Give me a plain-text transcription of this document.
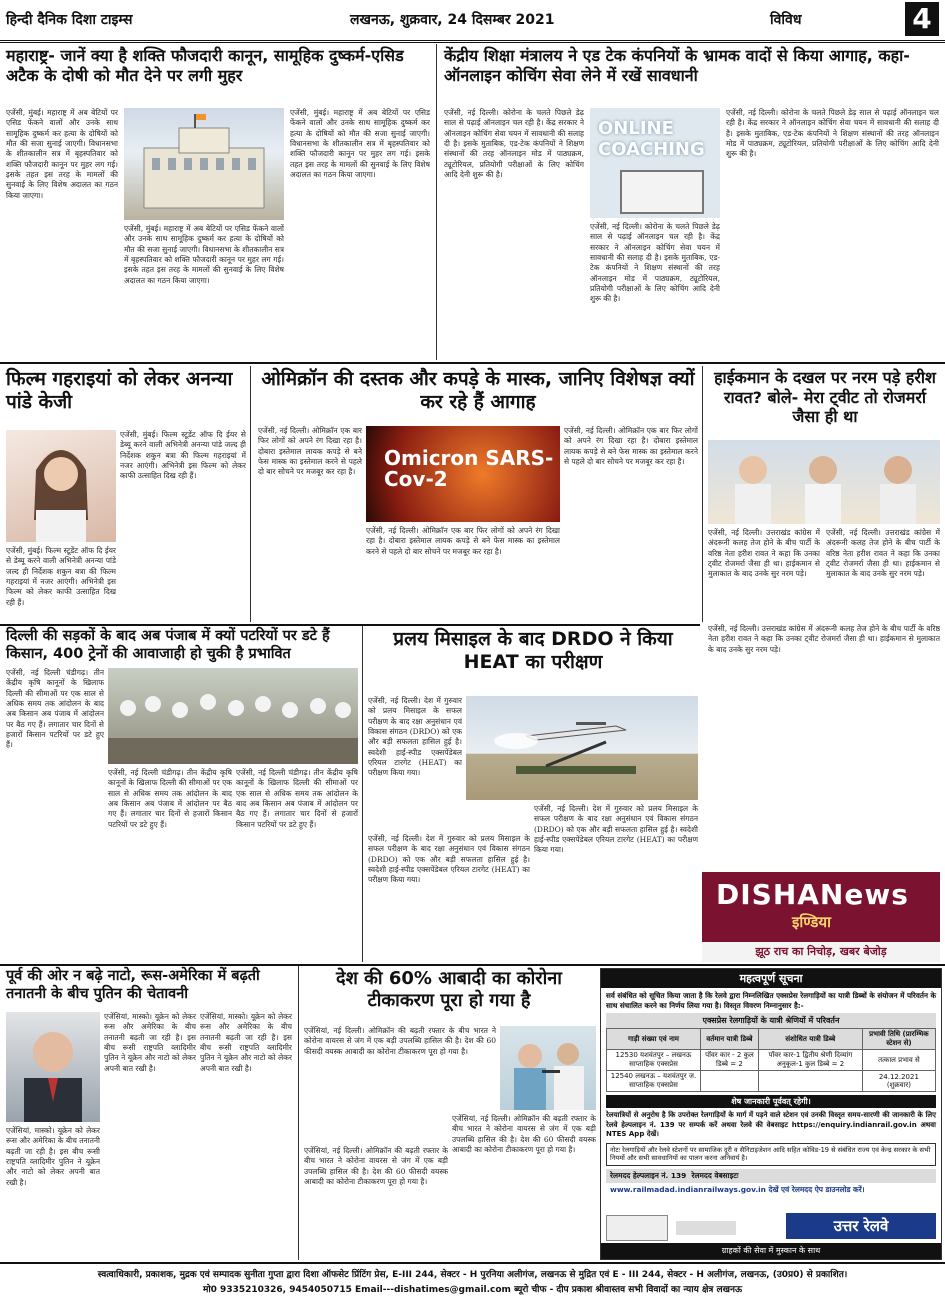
हिन्दी दैनिक दिशा टाइम्स	लखनऊ, शुक्रवार, 24 दिसम्बर 2021	विविध	4
महाराष्ट्र- जानें क्या है शक्ति फौजदारी कानून, सामूहिक दुष्कर्म-एसिड अटैक के दोषी को मौत देने पर लगी मुहर
एजेंसी, मुंबई। महाराष्ट्र में अब बेटियों पर एसिड फेंकने वालों और उनके साथ सामूहिक दुष्कर्म कर हत्या के दोषियों को मौत की सजा सुनाई जाएगी। विधानसभा के शीतकालीन सत्र में बृहस्पतिवार को शक्ति फौजदारी कानून पर मुहर लग गई। इसके तहत इस तरह के मामलों की सुनवाई के लिए विशेष अदालत का गठन किया जाएगा।
एजेंसी, मुंबई। महाराष्ट्र में अब बेटियों पर एसिड फेंकने वालों और उनके साथ सामूहिक दुष्कर्म कर हत्या के दोषियों को मौत की सजा सुनाई जाएगी। विधानसभा के शीतकालीन सत्र में बृहस्पतिवार को शक्ति फौजदारी कानून पर मुहर लग गई। इसके तहत इस तरह के मामलों की सुनवाई के लिए विशेष अदालत का गठन किया जाएगा।
एजेंसी, मुंबई। महाराष्ट्र में अब बेटियों पर एसिड फेंकने वालों और उनके साथ सामूहिक दुष्कर्म कर हत्या के दोषियों को मौत की सजा सुनाई जाएगी। विधानसभा के शीतकालीन सत्र में बृहस्पतिवार को शक्ति फौजदारी कानून पर मुहर लग गई। इसके तहत इस तरह के मामलों की सुनवाई के लिए विशेष अदालत का गठन किया जाएगा।
केंद्रीय शिक्षा मंत्रालय ने एड टेक कंपनियों के भ्रामक वादों से किया आगाह, कहा- ऑनलाइन कोचिंग सेवा लेने में रखें सावधानी
एजेंसी, नई दिल्ली। कोरोना के चलते पिछले डेढ़ साल से पढ़ाई ऑनलाइन चल रही है। केंद्र सरकार ने ऑनलाइन कोचिंग सेवा चयन में सावधानी की सलाह दी है। इसके मुताबिक, एड-टेक कंपनियों ने शिक्षण संस्थानों की तरह ऑनलाइन मोड में पाठ्यक्रम, ट्यूटोरियल, प्रतियोगी परीक्षाओं के लिए कोचिंग आदि देनी शुरू की है।
ONLINE
COACHING
एजेंसी, नई दिल्ली। कोरोना के चलते पिछले डेढ़ साल से पढ़ाई ऑनलाइन चल रही है। केंद्र सरकार ने ऑनलाइन कोचिंग सेवा चयन में सावधानी की सलाह दी है। इसके मुताबिक, एड-टेक कंपनियों ने शिक्षण संस्थानों की तरह ऑनलाइन मोड में पाठ्यक्रम, ट्यूटोरियल, प्रतियोगी परीक्षाओं के लिए कोचिंग आदि देनी शुरू की है।
एजेंसी, नई दिल्ली। कोरोना के चलते पिछले डेढ़ साल से पढ़ाई ऑनलाइन चल रही है। केंद्र सरकार ने ऑनलाइन कोचिंग सेवा चयन में सावधानी की सलाह दी है। इसके मुताबिक, एड-टेक कंपनियों ने शिक्षण संस्थानों की तरह ऑनलाइन मोड में पाठ्यक्रम, ट्यूटोरियल, प्रतियोगी परीक्षाओं के लिए कोचिंग आदि देनी शुरू की है।
फिल्म गहराइयां को लेकर अनन्या पांडे केजी
एजेंसी, मुंबई। फिल्म स्टूडेंट ऑफ दि ईयर से डेब्यू करने वाली अभिनेत्री अनन्या पांडे जल्द ही निर्देशक शकुन बत्रा की फिल्म गहराइयां में नजर आएंगी। अभिनेत्री इस फिल्म को लेकर काफी उत्साहित दिख रही हैं।
एजेंसी, मुंबई। फिल्म स्टूडेंट ऑफ दि ईयर से डेब्यू करने वाली अभिनेत्री अनन्या पांडे जल्द ही निर्देशक शकुन बत्रा की फिल्म गहराइयां में नजर आएंगी। अभिनेत्री इस फिल्म को लेकर काफी उत्साहित दिख रही हैं।
ओमिक्रॉन की दस्तक और कपड़े के मास्क, जानिए विशेषज्ञ क्यों कर रहे हैं आगाह
एजेंसी, नई दिल्ली। ओमिक्रॉन एक बार फिर लोगों को अपने रंग दिखा रहा है। दोबारा इस्तेमाल लायक कपड़े से बने फेस मास्क का इस्तेमाल करने से पहले दो बार सोचने पर मजबूर कर रहा है।
Omicron SARS-Cov-2
एजेंसी, नई दिल्ली। ओमिक्रॉन एक बार फिर लोगों को अपने रंग दिखा रहा है। दोबारा इस्तेमाल लायक कपड़े से बने फेस मास्क का इस्तेमाल करने से पहले दो बार सोचने पर मजबूर कर रहा है।
एजेंसी, नई दिल्ली। ओमिक्रॉन एक बार फिर लोगों को अपने रंग दिखा रहा है। दोबारा इस्तेमाल लायक कपड़े से बने फेस मास्क का इस्तेमाल करने से पहले दो बार सोचने पर मजबूर कर रहा है।
हाईकमान के दखल पर नरम पड़े हरीश रावत? बोले- मेरा ट्वीट तो रोजमर्रा जैसा ही था
एजेंसी, नई दिल्ली। उत्तराखंड कांग्रेस में अंदरूनी कलह तेज होने के बीच पार्टी के वरिष्ठ नेता हरीश रावत ने कहा कि उनका ट्वीट रोजमर्रा जैसा ही था। हाईकमान से मुलाकात के बाद उनके सुर नरम पड़े।
एजेंसी, नई दिल्ली। उत्तराखंड कांग्रेस में अंदरूनी कलह तेज होने के बीच पार्टी के वरिष्ठ नेता हरीश रावत ने कहा कि उनका ट्वीट रोजमर्रा जैसा ही था। हाईकमान से मुलाकात के बाद उनके सुर नरम पड़े।
दिल्ली की सड़कों के बाद अब पंजाब में क्यों पटरियों पर डटे हैं किसान, 400 ट्रेनों की आवाजाही हो चुकी है प्रभावित
एजेंसी, नई दिल्ली चंडीगढ़। तीन केंद्रीय कृषि कानूनों के खिलाफ दिल्ली की सीमाओं पर एक साल से अधिक समय तक आंदोलन के बाद अब किसान अब पंजाब में आंदोलन पर बैठ गए हैं। लगातार चार दिनों से हजारों किसान पटरियों पर डटे हुए हैं।
एजेंसी, नई दिल्ली चंडीगढ़। तीन केंद्रीय कृषि कानूनों के खिलाफ दिल्ली की सीमाओं पर एक साल से अधिक समय तक आंदोलन के बाद अब किसान अब पंजाब में आंदोलन पर बैठ गए हैं। लगातार चार दिनों से हजारों किसान पटरियों पर डटे हुए हैं।
एजेंसी, नई दिल्ली चंडीगढ़। तीन केंद्रीय कृषि कानूनों के खिलाफ दिल्ली की सीमाओं पर एक साल से अधिक समय तक आंदोलन के बाद अब किसान अब पंजाब में आंदोलन पर बैठ गए हैं। लगातार चार दिनों से हजारों किसान पटरियों पर डटे हुए हैं।
प्रलय मिसाइल के बाद DRDO ने किया HEAT का परीक्षण
एजेंसी, नई दिल्ली। देश में गुरुवार को प्रलय मिसाइल के सफल परीक्षण के बाद रक्षा अनुसंधान एवं विकास संगठन (DRDO) को एक और बड़ी सफलता हासिल हुई है। स्वदेशी हाई-स्पीड एक्सपेंडेबल एरियल टारगेट (HEAT) का परीक्षण किया गया।
एजेंसी, नई दिल्ली। देश में गुरुवार को प्रलय मिसाइल के सफल परीक्षण के बाद रक्षा अनुसंधान एवं विकास संगठन (DRDO) को एक और बड़ी सफलता हासिल हुई है। स्वदेशी हाई-स्पीड एक्सपेंडेबल एरियल टारगेट (HEAT) का परीक्षण किया गया।
एजेंसी, नई दिल्ली। देश में गुरुवार को प्रलय मिसाइल के सफल परीक्षण के बाद रक्षा अनुसंधान एवं विकास संगठन (DRDO) को एक और बड़ी सफलता हासिल हुई है। स्वदेशी हाई-स्पीड एक्सपेंडेबल एरियल टारगेट (HEAT) का परीक्षण किया गया।
DISHANews
इण्डिया
झूठ राच का निचोड़, खबर बेजोड़
एजेंसी, नई दिल्ली। उत्तराखंड कांग्रेस में अंदरूनी कलह तेज होने के बीच पार्टी के वरिष्ठ नेता हरीश रावत ने कहा कि उनका ट्वीट रोजमर्रा जैसा ही था। हाईकमान से मुलाकात के बाद उनके सुर नरम पड़े।
पूर्व की ओर न बढ़े नाटो, रूस-अमेरिका में बढ़ती तनातनी के बीच पुतिन की चेतावनी
एजेंसियां, मास्को। यूक्रेन को लेकर रूस और अमेरिका के बीच तनातनी बढ़ती जा रही है। इस बीच रूसी राष्ट्रपति व्लादिमीर पुतिन ने यूक्रेन और नाटो को लेकर अपनी बात रखी है।
एजेंसियां, मास्को। यूक्रेन को लेकर रूस और अमेरिका के बीच तनातनी बढ़ती जा रही है। इस बीच रूसी राष्ट्रपति व्लादिमीर पुतिन ने यूक्रेन और नाटो को लेकर अपनी बात रखी है।
एजेंसियां, मास्को। यूक्रेन को लेकर रूस और अमेरिका के बीच तनातनी बढ़ती जा रही है। इस बीच रूसी राष्ट्रपति व्लादिमीर पुतिन ने यूक्रेन और नाटो को लेकर अपनी बात रखी है।
देश की 60% आबादी का कोरोना टीकाकरण पूरा हो गया है
एजेंसियां, नई दिल्ली। ओमिक्रॉन की बढ़ती रफ्तार के बीच भारत ने कोरोना वायरस से जंग में एक बड़ी उपलब्धि हासिल की है। देश की 60 फीसदी वयस्क आबादी का कोरोना टीकाकरण पूरा हो गया है।
एजेंसियां, नई दिल्ली। ओमिक्रॉन की बढ़ती रफ्तार के बीच भारत ने कोरोना वायरस से जंग में एक बड़ी उपलब्धि हासिल की है। देश की 60 फीसदी वयस्क आबादी का कोरोना टीकाकरण पूरा हो गया है।
एजेंसियां, नई दिल्ली। ओमिक्रॉन की बढ़ती रफ्तार के बीच भारत ने कोरोना वायरस से जंग में एक बड़ी उपलब्धि हासिल की है। देश की 60 फीसदी वयस्क आबादी का कोरोना टीकाकरण पूरा हो गया है।
महत्वपूर्ण सूचना
सर्व संबंधित को सूचित किया जाता है कि रेलवे द्वारा निम्नलिखित एक्सप्रेस रेलगाड़ियों का यात्री डिब्बों के संयोजन में परिवर्तन के साथ संचालित करने का निर्णय लिया गया है। विस्तृत विवरण निम्नानुसार है:-
एक्सप्रेस रेलगाड़ियों के यात्री श्रेणियों में परिवर्तन
गाड़ी संख्या एवं नाम	वर्तमान यात्री डिब्बे	संशोधित यात्री डिब्बे	प्रभावी तिथि (प्रारम्भिक स्टेशन से)
12530 यशवंतपुर – लखनऊ साप्ताहिक एक्सप्रेस	पॉवर कार - 2 कुल डिब्बे = 2	पॉवर कार-1 द्वितीय श्रेणी दिव्यांग अनुकूल-1 कुल डिब्बे = 2	तत्काल प्रभाव से
12540 लखनऊ – यशवंतपुर ज. साप्ताहिक एक्सप्रेस			24.12.2021 (शुक्रवार)
शेष जानकारी पूर्ववत् रहेगी।
रेलयात्रियों से अनुरोध है कि उपरोक्त रेलगाड़ियों के मार्ग में पड़ने वाले स्टेशन एवं उनकी विस्तृत समय-सारणी की जानकारी के लिए रेलवे हेल्पलाइन नं. 139 पर सम्पर्क करें अथवा रेलवे की वेबसाइट https://enquiry.indianrail.gov.in अथवा NTES App देखें।
नोटः रेलगाड़ियों और रेलवे स्टेशनों पर सामाजिक दूरी व सैनिटाइजेशन आदि सहित कोविड-19 से संबंधित राज्य एवं केन्द्र सरकार के सभी नियमों और सभी सावधानियों का पालन करना अनिवार्य है।
रेलमदद हेल्पलाइन नं. 139 रेलमदद वेबसाइटः
www.railmadad.indianrailways.gov.in देखें एवं रेलमदद ऐप डाउनलोड करें।
उत्तर रेलवे
ग्राहकों की सेवा में मुस्कान के साथ
स्वत्वाधिकारी, प्रकाशक, मुद्रक एवं सम्पादक सुनीता गुप्ता द्वारा दिशा ऑफसेट प्रिंटिंग प्रेस, E-III 244, सेक्टर - H पुरनिया अलीगंज, लखनऊ से मुद्रित एवं E - III 244, सेक्टर - H अलीगंज, लखनऊ, (उ0प्र0) से प्रकाशित।
मो0 9335210326, 9454050715 Email---dishatimes@gmail.com ब्यूरो चीफ - दीप प्रकाश श्रीवास्तव सभी विवादों का न्याय क्षेत्र लखनऊ
